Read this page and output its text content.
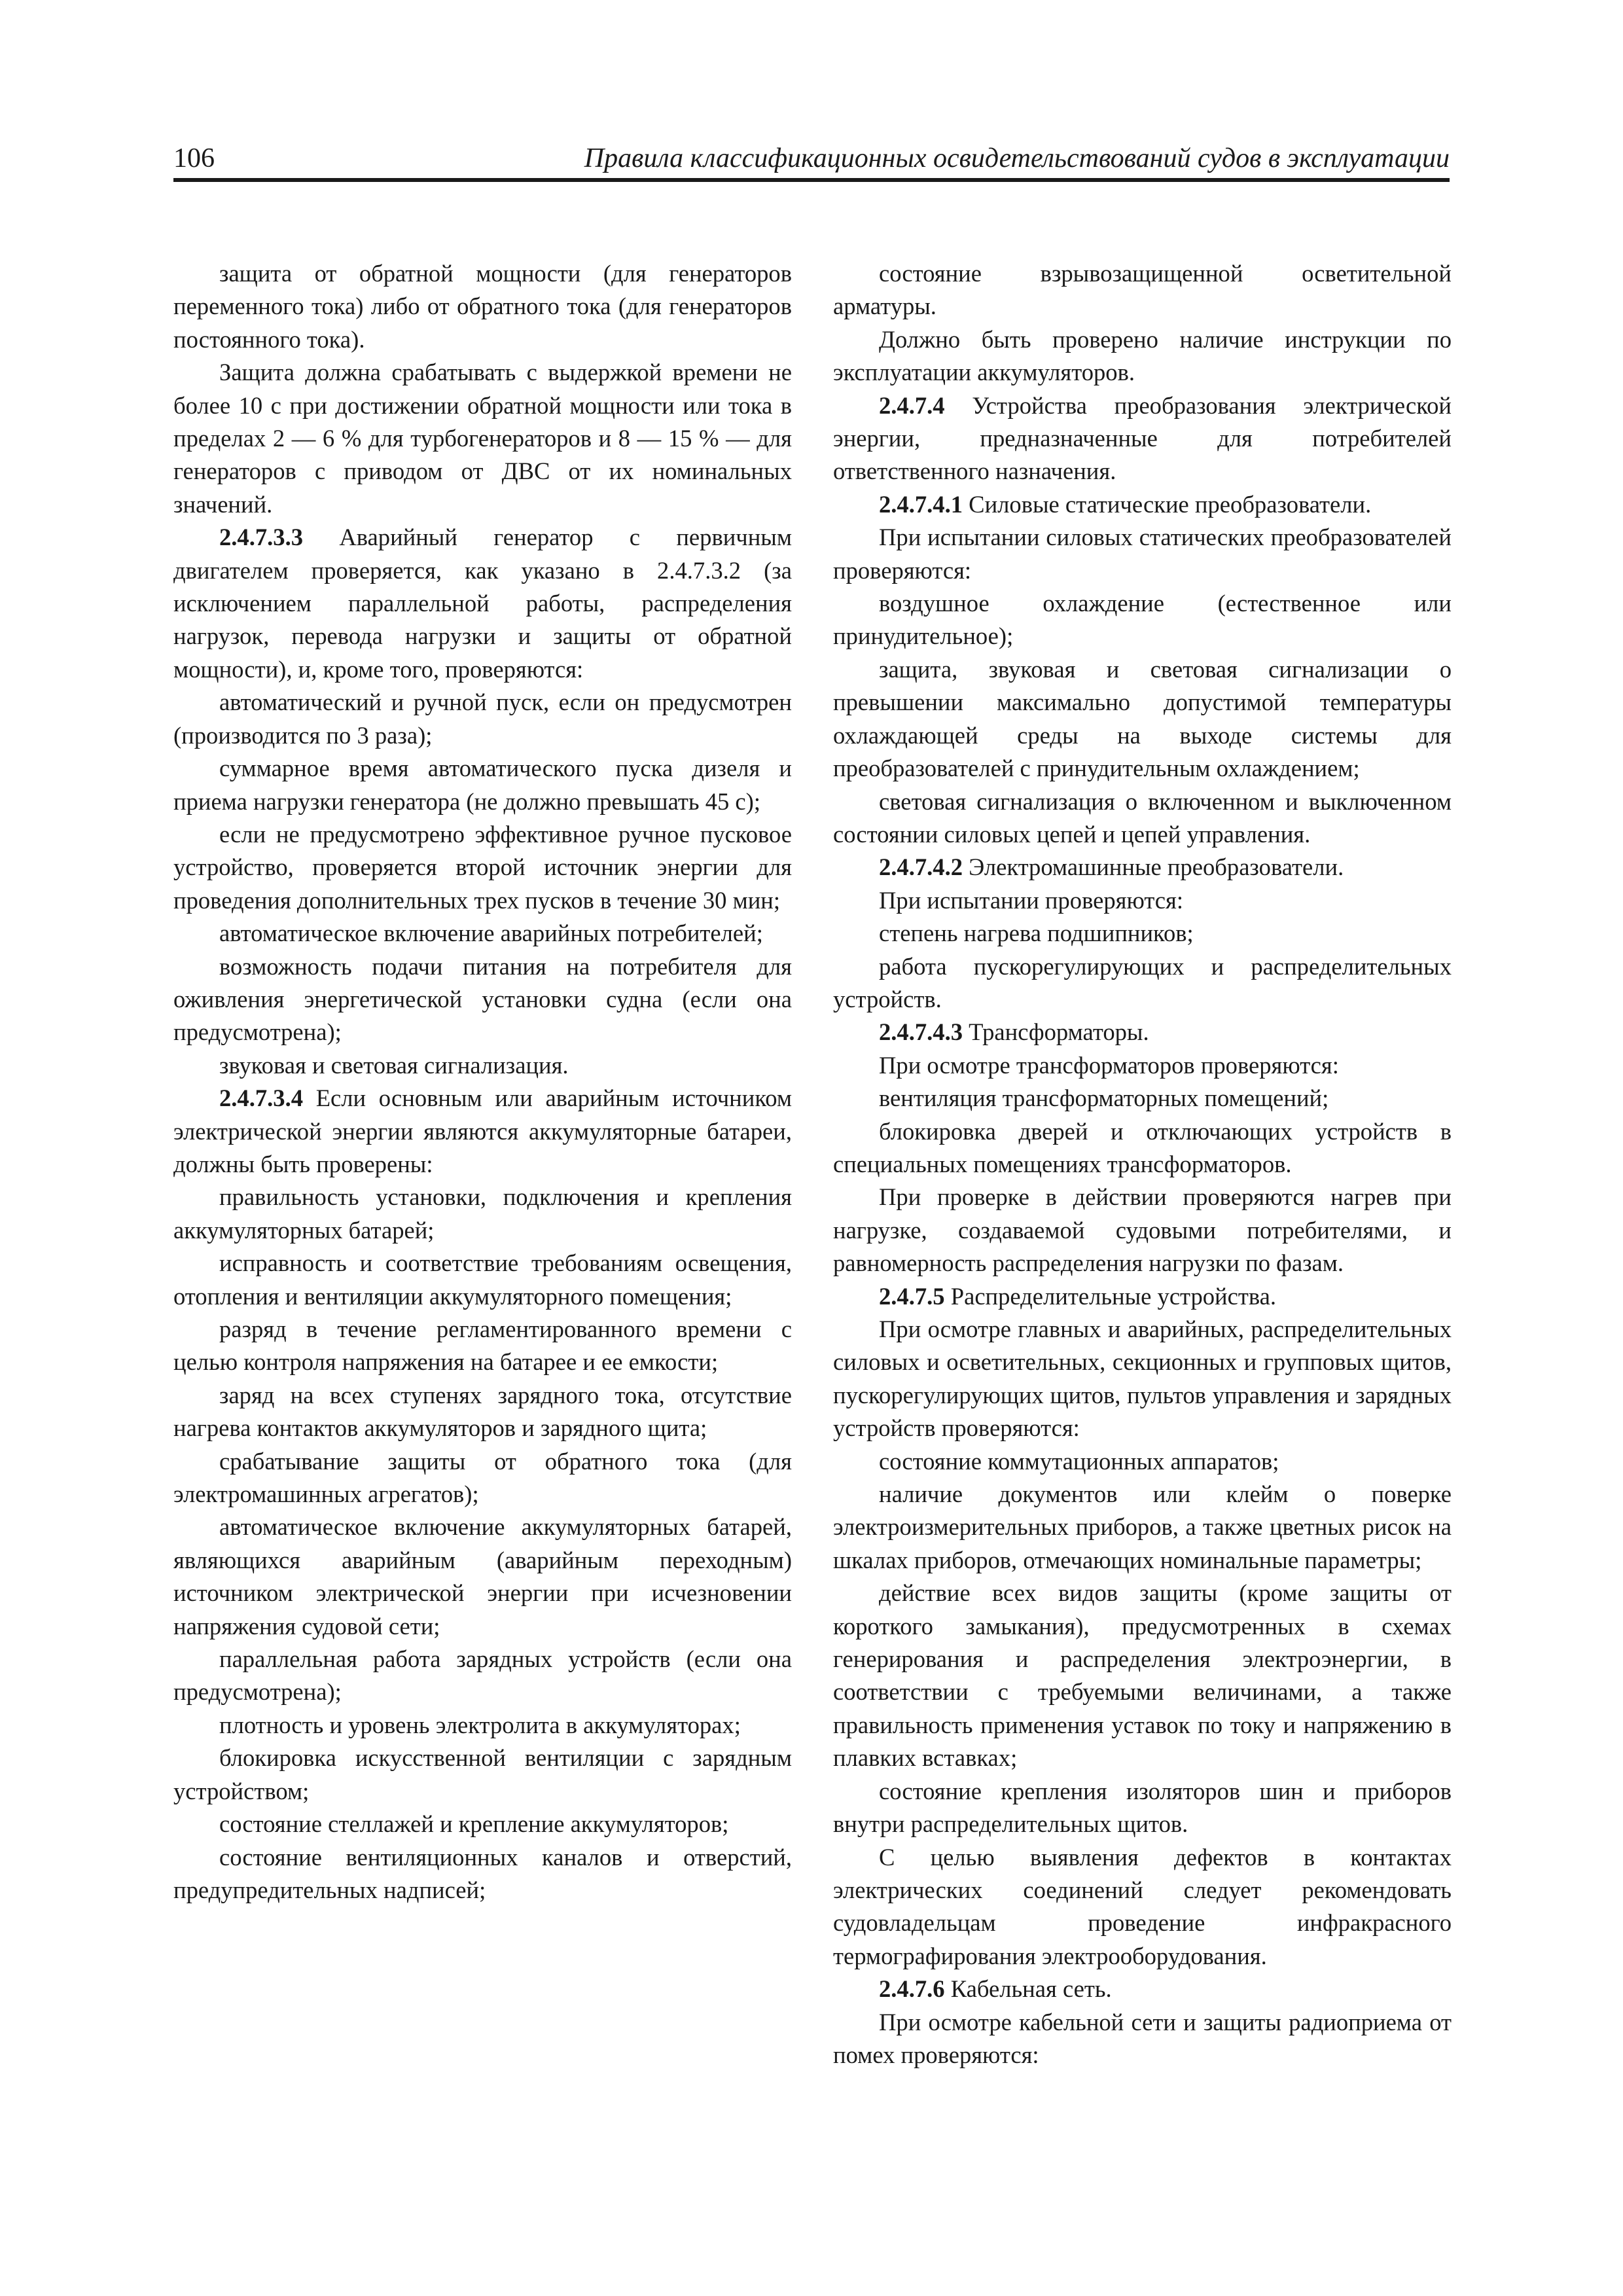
106	Правила классификационных освидетельствований судов в эксплуатации

защита от обратной мощности (для генераторов переменного тока) либо от обратного тока (для генераторов постоянного тока).

Защита должна срабатывать с выдержкой времени не более 10 с при достижении обратной мощности или тока в пределах 2 — 6 % для турбогенераторов и 8 — 15 % — для генераторов с приводом от ДВС от их номинальных значений.

2.4.7.3.3 Аварийный генератор с первичным двигателем проверяется, как указано в 2.4.7.3.2 (за исключением параллельной работы, распределения нагрузок, перевода нагрузки и защиты от обратной мощности), и, кроме того, проверяются:

автоматический и ручной пуск, если он предусмотрен (производится по 3 раза);

суммарное время автоматического пуска дизеля и приема нагрузки генератора (не должно превышать 45 с);

если не предусмотрено эффективное ручное пусковое устройство, проверяется второй источник энергии для проведения дополнительных трех пусков в течение 30 мин;

автоматическое включение аварийных потребителей;

возможность подачи питания на потребителя для оживления энергетической установки судна (если она предусмотрена);

звуковая и световая сигнализация.

2.4.7.3.4 Если основным или аварийным источником электрической энергии являются аккумуляторные батареи, должны быть проверены:

правильность установки, подключения и крепления аккумуляторных батарей;

исправность и соответствие требованиям освещения, отопления и вентиляции аккумуляторного помещения;

разряд в течение регламентированного времени с целью контроля напряжения на батарее и ее емкости;

заряд на всех ступенях зарядного тока, отсутствие нагрева контактов аккумуляторов и зарядного щита;

срабатывание защиты от обратного тока (для электромашинных агрегатов);

автоматическое включение аккумуляторных батарей, являющихся аварийным (аварийным переходным) источником электрической энергии при исчезновении напряжения судовой сети;

параллельная работа зарядных устройств (если она предусмотрена);

плотность и уровень электролита в аккумуляторах;

блокировка искусственной вентиляции с зарядным устройством;

состояние стеллажей и крепление аккумуляторов;

состояние вентиляционных каналов и отверстий, предупредительных надписей;

состояние взрывозащищенной осветительной арматуры.

Должно быть проверено наличие инструкции по эксплуатации аккумуляторов.

2.4.7.4 Устройства преобразования электрической энергии, предназначенные для потребителей ответственного назначения.

2.4.7.4.1 Силовые статические преобразователи.

При испытании силовых статических преобразователей проверяются:

воздушное охлаждение (естественное или принудительное);

защита, звуковая и световая сигнализации о превышении максимально допустимой температуры охлаждающей среды на выходе системы для преобразователей с принудительным охлаждением;

световая сигнализация о включенном и выключенном состоянии силовых цепей и цепей управления.

2.4.7.4.2 Электромашинные преобразователи.

При испытании проверяются:

степень нагрева подшипников;

работа пускорегулирующих и распределительных устройств.

2.4.7.4.3 Трансформаторы.

При осмотре трансформаторов проверяются:

вентиляция трансформаторных помещений;

блокировка дверей и отключающих устройств в специальных помещениях трансформаторов.

При проверке в действии проверяются нагрев при нагрузке, создаваемой судовыми потребителями, и равномерность распределения нагрузки по фазам.

2.4.7.5 Распределительные устройства.

При осмотре главных и аварийных, распределительных силовых и осветительных, секционных и групповых щитов, пускорегулирующих щитов, пультов управления и зарядных устройств проверяются:

состояние коммутационных аппаратов;

наличие документов или клейм о поверке электроизмерительных приборов, а также цветных рисок на шкалах приборов, отмечающих номинальные параметры;

действие всех видов защиты (кроме защиты от короткого замыкания), предусмотренных в схемах генерирования и распределения электроэнергии, в соответствии с требуемыми величинами, а также правильность применения уставок по току и напряжению в плавких вставках;

состояние крепления изоляторов шин и приборов внутри распределительных щитов.

С целью выявления дефектов в контактах электрических соединений следует рекомендовать судовладельцам проведение инфракрасного термографирования электрооборудования.

2.4.7.6 Кабельная сеть.

При осмотре кабельной сети и защиты радиоприема от помех проверяются:
